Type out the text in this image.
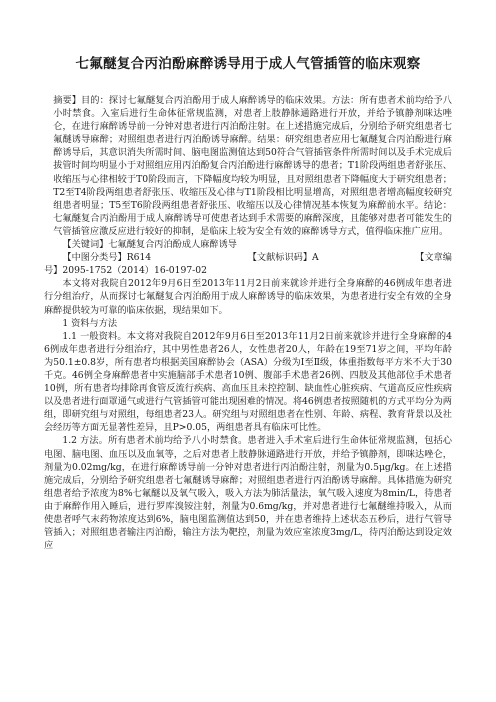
七氟醚复合丙泊酚麻醉诱导用于成人气管插管的临床观察

摘要】目的：探讨七氟醚复合丙泊酚用于成人麻醉诱导的临床效果。方法：所有患者术前均给予八小时禁食。入室后进行生命体征常规监测，对患者上肢静脉通路进行开放，并给予镇静剂咪达唑仑，在进行麻醉诱导前一分钟对患者进行丙泊酚注射。在上述措施完成后，分别给予研究组患者七氟醚诱导麻醉；对照组患者进行丙泊酚诱导麻醉。结果：研究组患者应用七氟醚复合丙泊酚进行麻醉诱导后，其意识消失所需时间、脑电图监测值达到50符合气管插管条件所需时间以及手术完成后拔管时间均明显小于对照组应用丙泊酚复合丙泊酚进行麻醉诱导的患者；T1阶段两组患者舒张压、收缩压与心律相较于T0阶段而言，下降幅度均较为明显，且对照组患者下降幅度大于研究组患者；T2至T4阶段两组患者舒张压、收缩压及心律与T1阶段相比明显增高，对照组患者增高幅度较研究组患者明显；T5至T6阶段两组患者舒张压、收缩压以及心律情况基本恢复为麻醉前水平。结论：七氟醚复合丙泊酚用于成人麻醉诱导可使患者达到手术需要的麻醉深度，且能够对患者可能发生的气管插管应激反应进行较好的抑制，是临床上较为安全有效的麻醉诱导方式，值得临床推广应用。

【关键词】七氟醚复合丙泊酚成人麻醉诱导

【中图分类号】R614	【文献标识码】A	【文章编

号】2095-1752（2014）16-0197-02

本文将对我院自2012年9月6日至2013年11月2日前来就诊并进行全身麻醉的46例成年患者进行分组治疗，从而探讨七氟醚复合丙泊酚用于成人麻醉诱导的临床效果，为患者进行安全有效的全身麻醉提供较为可靠的临床依据，现结果如下。

1 资料与方法

1.1 一般资料。本文将对我院自2012年9月6日至2013年11月2日前来就诊并进行全身麻醉的46例成年患者进行分组治疗，其中男性患者26人，女性患者20人，年龄在19至71岁之间，平均年龄为50.1±0.8岁，所有患者均根据美国麻醉协会（ASA）分级为Ⅰ至Ⅱ级，体重指数每平方米不大于30千克。46例全身麻醉患者中实施脑部手术患者10例、腹部手术患者26例、四肢及其他部位手术患者10例，所有患者均排除再食管反流行疾病、高血压且未控控制、缺血性心脏疾病、气道高反应性疾病以及患者进行面罩通气或进行气管插管可能出现困难的情况。将46例患者按照随机的方式平均分为两组，即研究组与对照组，每组患者23人。研究组与对照组患者在性别、年龄、病程、教育背景以及社会经历等方面无显著性差异，且P>0.05，两组患者具有临床可比性。

1.2 方法。所有患者术前均给予八小时禁食。患者进入手术室后进行生命体征常规监测，包括心电图、脑电图、血压以及血氧等，之后对患者上肢静脉通路进行开放，并给予镇静剂，即咪达唑仑，剂量为0.02mg/kg，在进行麻醉诱导前一分钟对患者进行丙泊酚注射，剂量为0.5μg/kg。在上述措施完成后，分别给予研究组患者七氟醚诱导麻醉；对照组患者进行丙泊酚诱导麻醉。具体措施为研究组患者给予浓度为8%七氟醚以及氧气吸入，吸入方法为肺活量法，氧气吸入速度为8min/L，待患者由于麻醉作用入睡后，进行罗库溴铵注射，剂量为0.6mg/kg，并对患者进行七氟醚维持吸入，从而使患者呼气末药物浓度达到6%，脑电图监测值达到50，并在患者维持上述状态五秒后，进行气管导管插入；对照组患者输注丙泊酚，输注方法为靶控，剂量为效应室浓度3mg/L，待丙泊酚达到设定效应
